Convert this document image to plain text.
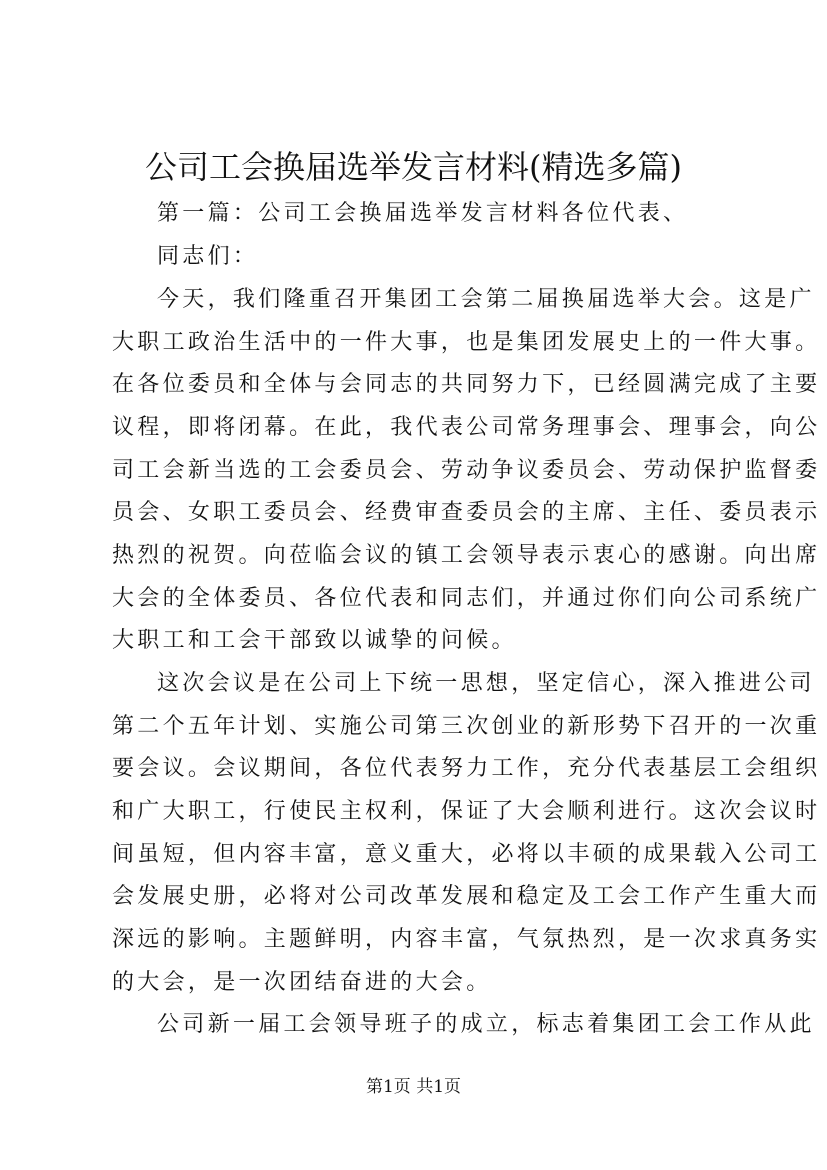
公司工会换届选举发言材料(精选多篇)
第一篇：公司工会换届选举发言材料各位代表、
同志们：
今天，我们隆重召开集团工会第二届换届选举大会。这是广
大职工政治生活中的一件大事，也是集团发展史上的一件大事。
在各位委员和全体与会同志的共同努力下，已经圆满完成了主要
议程，即将闭幕。在此，我代表公司常务理事会、理事会，向公
司工会新当选的工会委员会、劳动争议委员会、劳动保护监督委
员会、女职工委员会、经费审查委员会的主席、主任、委员表示
热烈的祝贺。向莅临会议的镇工会领导表示衷心的感谢。向出席
大会的全体委员、各位代表和同志们，并通过你们向公司系统广
大职工和工会干部致以诚挚的问候。
这次会议是在公司上下统一思想，坚定信心，深入推进公司
第二个五年计划、实施公司第三次创业的新形势下召开的一次重
要会议。会议期间，各位代表努力工作，充分代表基层工会组织
和广大职工，行使民主权利，保证了大会顺利进行。这次会议时
间虽短，但内容丰富，意义重大，必将以丰硕的成果载入公司工
会发展史册，必将对公司改革发展和稳定及工会工作产生重大而
深远的影响。主题鲜明，内容丰富，气氛热烈，是一次求真务实
的大会，是一次团结奋进的大会。
公司新一届工会领导班子的成立，标志着集团工会工作从此
第1页 共1页
